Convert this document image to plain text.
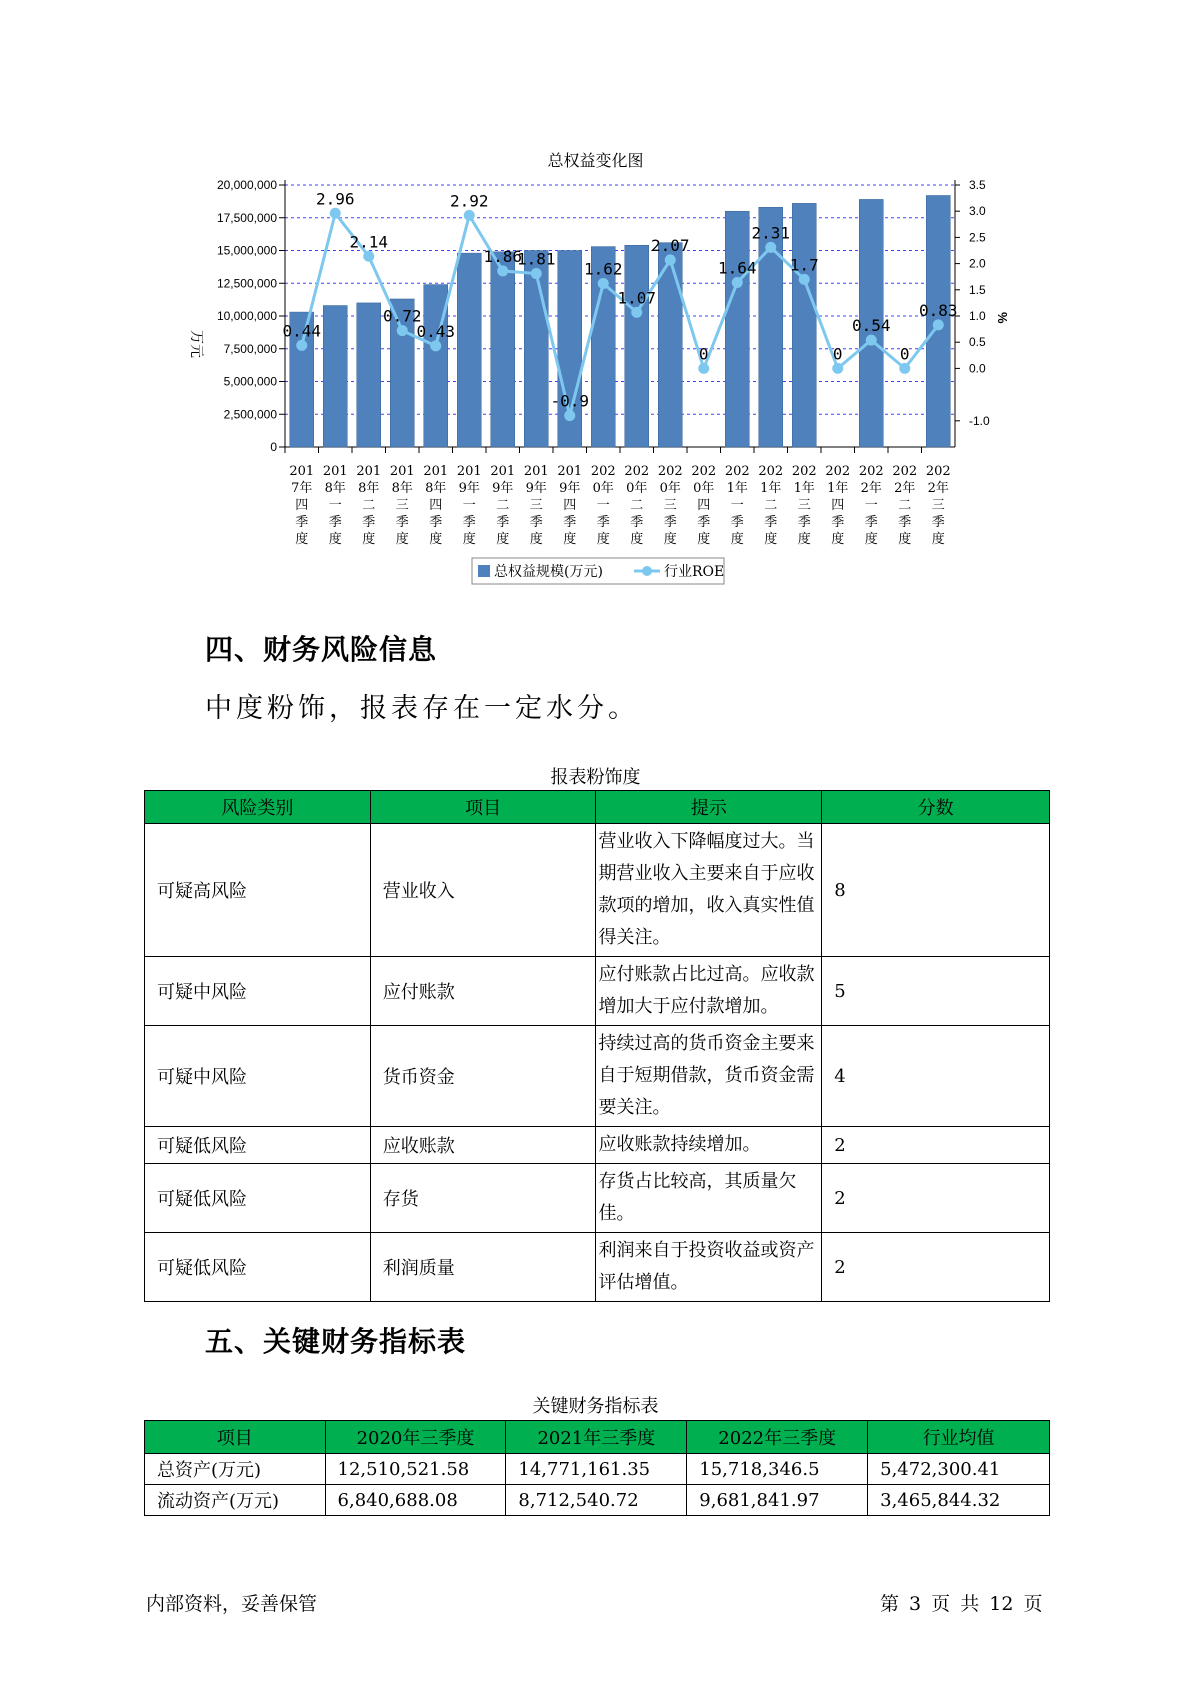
总权益变化图
0
2,500,000
5,000,000
7,500,000
10,000,000
12,500,000
15,000,000
17,500,000
20,000,000
-1.0
0.0
0.5
1.0
1.5
2.0
2.5
3.0
3.5
万元
%
0.44
2.96
2.14
0.72
0.43
2.92
1.86
1.81
-0.9
1.62
1.07
2.07
0
1.64
2.31
1.7
0
0.54
0
0.83
201
7年
四
季
度
201
8年
一
季
度
201
8年
二
季
度
201
8年
三
季
度
201
8年
四
季
度
201
9年
一
季
度
201
9年
二
季
度
201
9年
三
季
度
201
9年
四
季
度
202
0年
一
季
度
202
0年
二
季
度
202
0年
三
季
度
202
0年
四
季
度
202
1年
一
季
度
202
1年
二
季
度
202
1年
三
季
度
202
1年
四
季
度
202
2年
一
季
度
202
2年
二
季
度
202
2年
三
季
度
总权益规模(万元)	行业ROE
四、财务风险信息
中度粉饰，报表存在一定水分。
报表粉饰度
风险类别	项目	提示	分数
可疑高风险	营业收入	营业收入下降幅度过大。当期营业收入主要来自于应收款项的增加，收入真实性值得关注。	8
可疑中风险	应付账款	应付账款占比过高。应收款增加大于应付款增加。	5
可疑中风险	货币资金	持续过高的货币资金主要来自于短期借款，货币资金需要关注。	4
可疑低风险	应收账款	应收账款持续增加。	2
可疑低风险	存货	存货占比较高，其质量欠佳。	2
可疑低风险	利润质量	利润来自于投资收益或资产评估增值。	2
五、关键财务指标表
关键财务指标表
项目	2020年三季度	2021年三季度	2022年三季度	行业均值
总资产(万元)	12,510,521.58	14,771,161.35	15,718,346.5	5,472,300.41
流动资产(万元)	6,840,688.08	8,712,540.72	9,681,841.97	3,465,844.32
内部资料，妥善保管	第 3 页 共 12 页
